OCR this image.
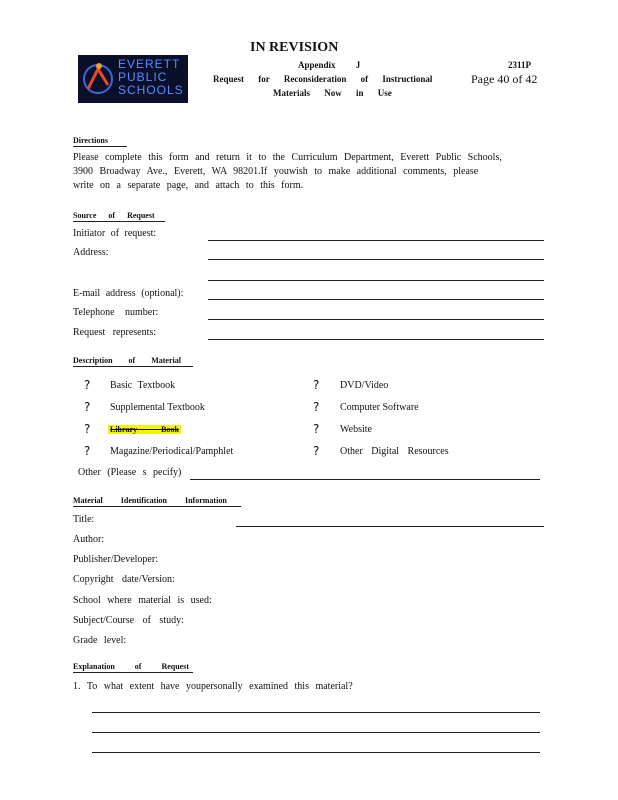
EVERETT
PUBLIC
SCHOOLS
IN REVISION
Appendix J	2311P
Request for Reconsideration of Instructional	Page 40 of 42
Materials Now in Use
Directions
Please complete this form and return it to the Curriculum Department, Everett Public Schools,
3900 Broadway Ave., Everett, WA 98201.If youwish to make additional comments, please
write on a separate page, and attach to this form.
Source of Request
Initiator of request:
Address:
E-mail address (optional):
Telephone number:
Request represents:
Description of Material
? Basic Textbook	? DVD/Video
? Supplemental Textbook	? Computer Software
? Library Book	? Website
? Magazine/Periodical/Pamphlet	? Other Digital Resources
Other (Please s pecify)
Material Identification Information
Title:
Author:
Publisher/Developer:
Copyright date/Version:
School where material is used:
Subject/Course of study:
Grade level:
Explanation of Request
1. To what extent have youpersonally examined this material?
